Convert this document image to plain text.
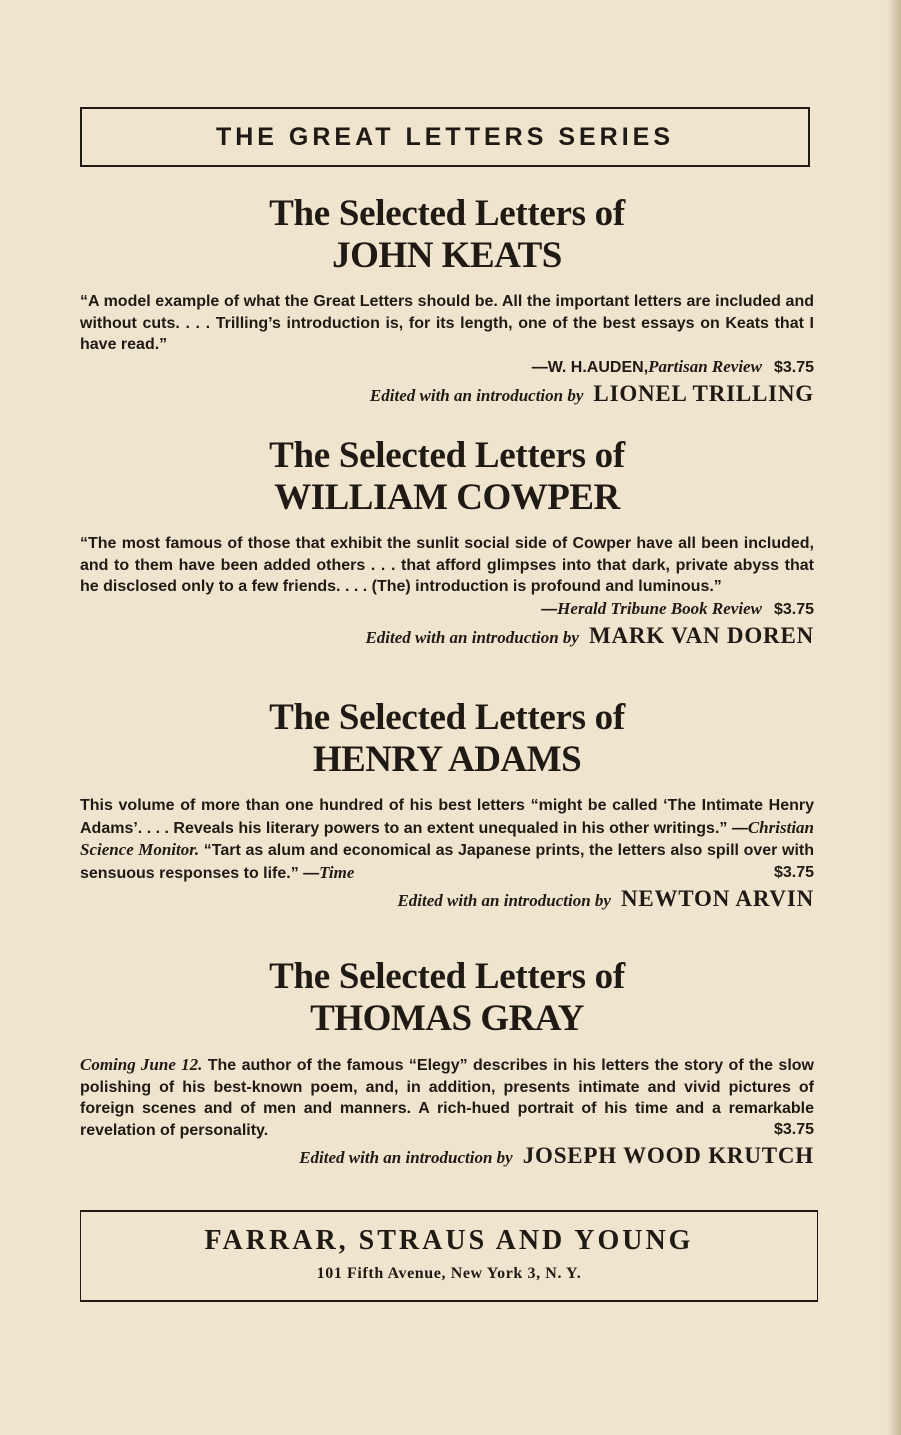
THE GREAT LETTERS SERIES
The Selected Letters of
JOHN KEATS
“A model example of what the Great Letters should be. All the important letters are included and without cuts. . . . Trilling’s introduction is, for its length, one of the best essays on Keats that I have read.”
—W. H. AUDEN , Partisan Review $3.75
Edited with an introduction by LIONEL TRILLING
The Selected Letters of
WILLIAM COWPER
“The most famous of those that exhibit the sunlit social side of Cowper have all been included, and to them have been added others . . . that afford glimpses into that dark, private abyss that he disclosed only to a few friends. . . . (The) introduction is profound and luminous.”
— Herald Tribune Book Review $3.75
Edited with an introduction by MARK VAN DOREN
The Selected Letters of
HENRY ADAMS
This volume of more than one hundred of his best letters “might be called ‘The Intimate Henry Adams’. . . . Reveals his literary powers to an extent unequaled in his other writings.” —Christian Science Monitor. “Tart as alum and economical as Japanese prints, the letters also spill over with sensuous responses to life.” —Time	$3.75
Edited with an introduction by NEWTON ARVIN
The Selected Letters of
THOMAS GRAY
Coming June 12. The author of the famous “Elegy” describes in his letters the story of the slow polishing of his best-known poem, and, in addition, presents intimate and vivid pictures of foreign scenes and of men and manners. A rich-hued portrait of his time and a remarkable revelation of personality.	$3.75
Edited with an introduction by JOSEPH WOOD KRUTCH
FARRAR, STRAUS AND YOUNG
101 Fifth Avenue, New York 3, N. Y.
